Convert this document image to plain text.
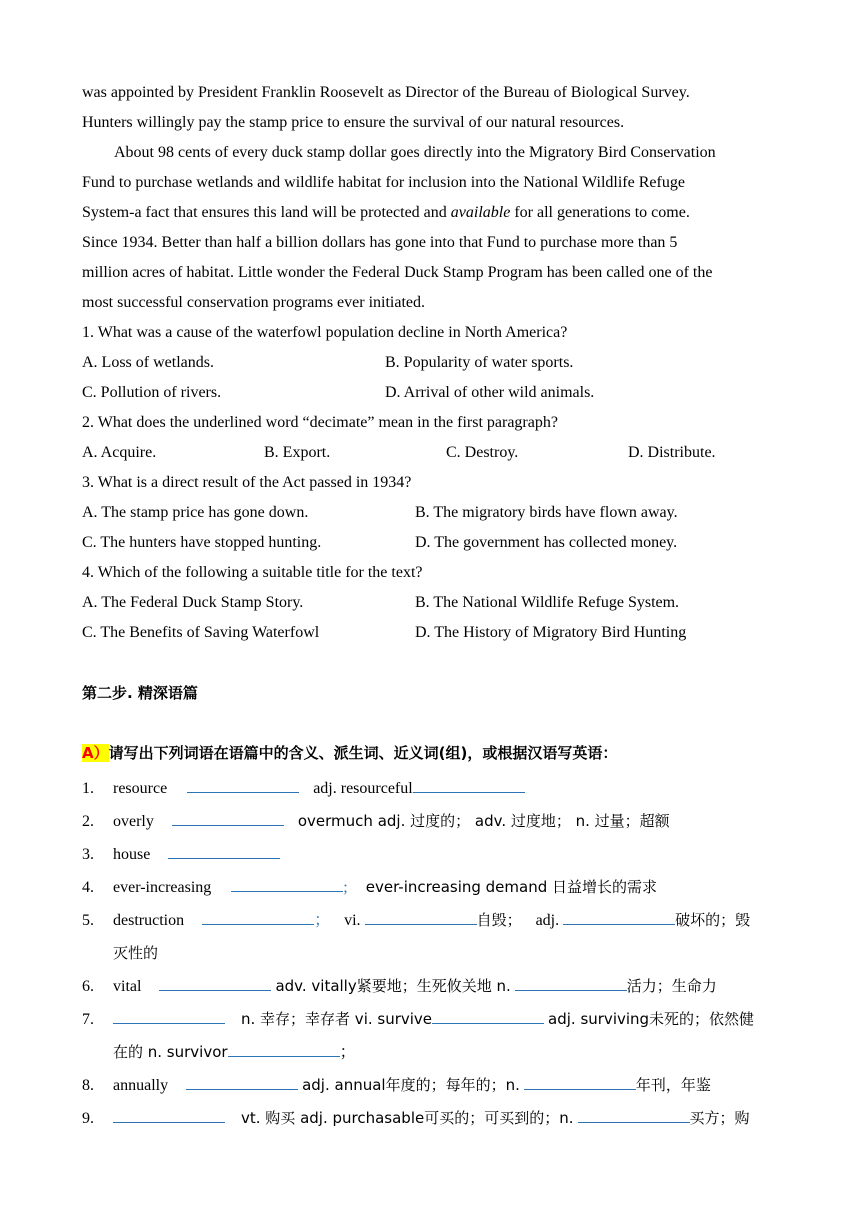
was appointed by President Franklin Roosevelt as Director of the Bureau of Biological Survey.
Hunters willingly pay the stamp price to ensure the survival of our natural resources.
About 98 cents of every duck stamp dollar goes directly into the Migratory Bird Conservation
Fund to purchase wetlands and wildlife habitat for inclusion into the National Wildlife Refuge
System-a fact that ensures this land will be protected and available for all generations to come.
Since 1934. Better than half a billion dollars has gone into that Fund to purchase more than 5
million acres of habitat. Little wonder the Federal Duck Stamp Program has been called one of the
most successful conservation programs ever initiated.
1. What was a cause of the waterfowl population decline in North America?
A. Loss of wetlands.	B. Popularity of water sports.
C. Pollution of rivers.	D. Arrival of other wild animals.
2. What does the underlined word “decimate” mean in the first paragraph?
A. Acquire.	B. Export.	C. Destroy.	D. Distribute.
3. What is a direct result of the Act passed in 1934?
A. The stamp price has gone down.	B. The migratory birds have flown away.
C. The hunters have stopped hunting.	D. The government has collected money.
4. Which of the following a suitable title for the text?
A. The Federal Duck Stamp Story.	B. The National Wildlife Refuge System.
C. The Benefits of Saving Waterfowl	D. The History of Migratory Bird Hunting
第二步. 精深语篇
A）请写出下列词语在语篇中的含义、派生词、近义词(组)，或根据汉语写英语：
1. resource	adj. resourceful
2. overly	overmuch adj. 过度的； adv. 过度地； n. 过量；超额
3. house
4. ever-increasing	; ever-increasing demand 日益增长的需求
5. destruction	； vi.	自毁； adj.	破坏的；毁
灭性的
6. vital	adv. vitally紧要地；生死攸关地 n.	活力；生命力
7.	n. 幸存；幸存者 vi. survive	adj. surviving未死的；依然健
在的 n. survivor	；
8. annually	adj. annual年度的；每年的；n.	年刊，年鉴
9.	vt. 购买 adj. purchasable可买的；可买到的；n.	买方；购
